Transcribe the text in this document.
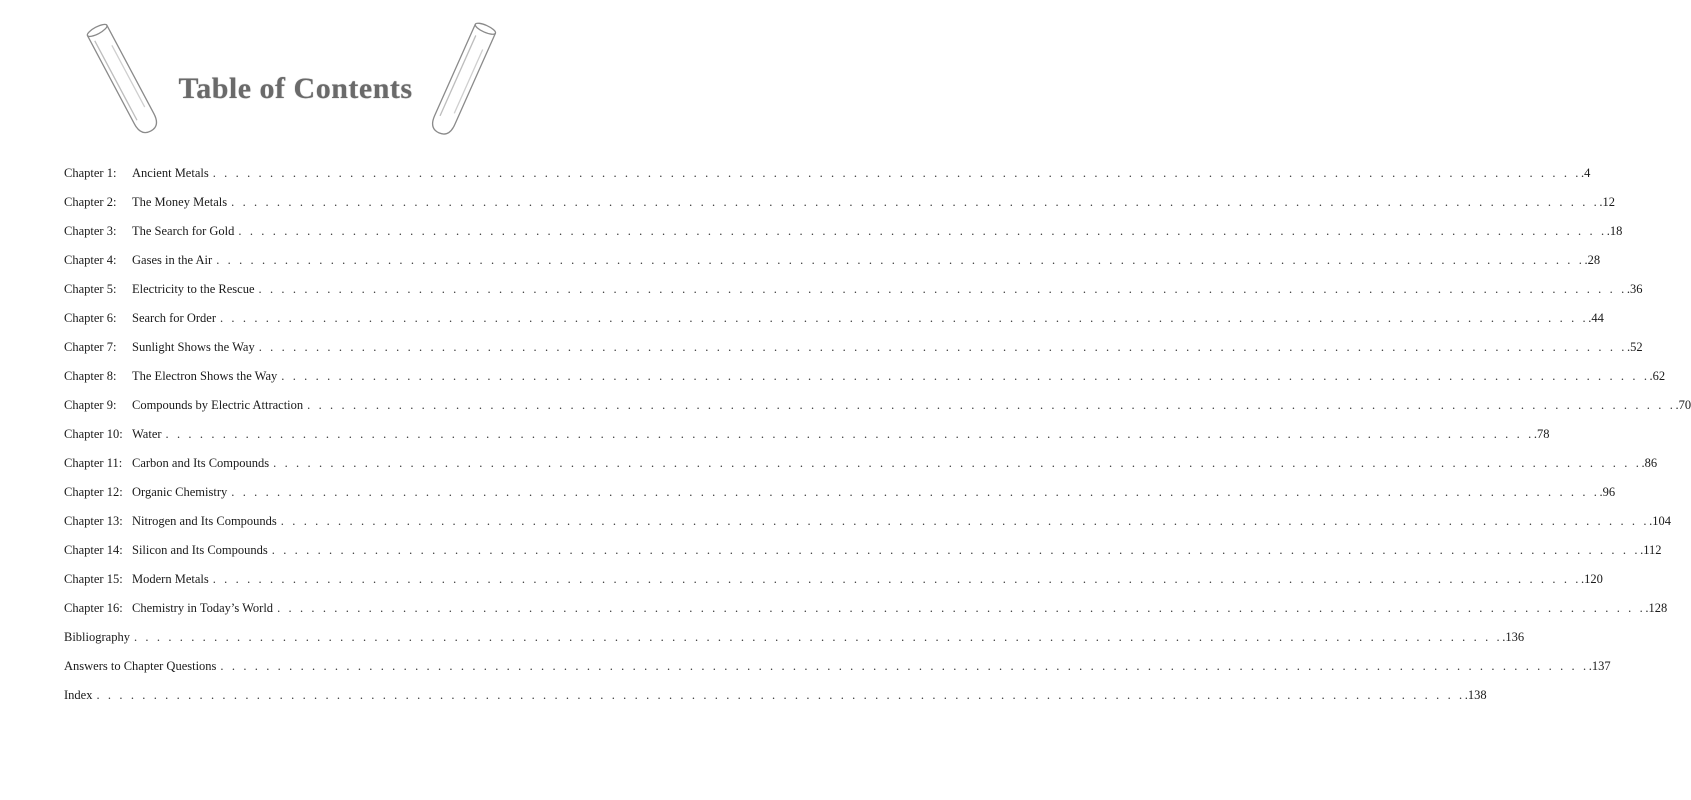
Table of Contents
Chapter 1:	Ancient Metals . . . . . . . . . . . . . . . . . . . . . . . . . . . . . . . . . . . . . . . . . . . . . . . . . . . . . . . . . . . . . . . . . . . . . . . . . . . . . . . . . . . . . . . . . . . . . . . . . . . . . . . . . . . . . . . . . . . . . . . . .4
Chapter 2:	The Money Metals . . . . . . . . . . . . . . . . . . . . . . . . . . . . . . . . . . . . . . . . . . . . . . . . . . . . . . . . . . . . . . . . . . . . . . . . . . . . . . . . . . . . . . . . . . . . . . . . . . . . . . . . . . . . . . . . . . . . . . . . .12
Chapter 3:	The Search for Gold . . . . . . . . . . . . . . . . . . . . . . . . . . . . . . . . . . . . . . . . . . . . . . . . . . . . . . . . . . . . . . . . . . . . . . . . . . . . . . . . . . . . . . . . . . . . . . . . . . . . . . . . . . . . . . . . . . . . . . . . .18
Chapter 4:	Gases in the Air . . . . . . . . . . . . . . . . . . . . . . . . . . . . . . . . . . . . . . . . . . . . . . . . . . . . . . . . . . . . . . . . . . . . . . . . . . . . . . . . . . . . . . . . . . . . . . . . . . . . . . . . . . . . . . . . . . . . . . . . .28
Chapter 5:	Electricity to the Rescue . . . . . . . . . . . . . . . . . . . . . . . . . . . . . . . . . . . . . . . . . . . . . . . . . . . . . . . . . . . . . . . . . . . . . . . . . . . . . . . . . . . . . . . . . . . . . . . . . . . . . . . . . . . . . . . . . . . . . . . . .36
Chapter 6:	Search for Order . . . . . . . . . . . . . . . . . . . . . . . . . . . . . . . . . . . . . . . . . . . . . . . . . . . . . . . . . . . . . . . . . . . . . . . . . . . . . . . . . . . . . . . . . . . . . . . . . . . . . . . . . . . . . . . . . . . . . . . . .44
Chapter 7:	Sunlight Shows the Way . . . . . . . . . . . . . . . . . . . . . . . . . . . . . . . . . . . . . . . . . . . . . . . . . . . . . . . . . . . . . . . . . . . . . . . . . . . . . . . . . . . . . . . . . . . . . . . . . . . . . . . . . . . . . . . . . . . . . . . . .52
Chapter 8:	The Electron Shows the Way . . . . . . . . . . . . . . . . . . . . . . . . . . . . . . . . . . . . . . . . . . . . . . . . . . . . . . . . . . . . . . . . . . . . . . . . . . . . . . . . . . . . . . . . . . . . . . . . . . . . . . . . . . . . . . . . . . . . . . . . .62
Chapter 9:	Compounds by Electric Attraction . . . . . . . . . . . . . . . . . . . . . . . . . . . . . . . . . . . . . . . . . . . . . . . . . . . . . . . . . . . . . . . . . . . . . . . . . . . . . . . . . . . . . . . . . . . . . . . . . . . . . . . . . . . . . . . . . . . . . . . . .70
Chapter 10: Water . . . . . . . . . . . . . . . . . . . . . . . . . . . . . . . . . . . . . . . . . . . . . . . . . . . . . . . . . . . . . . . . . . . . . . . . . . . . . . . . . . . . . . . . . . . . . . . . . . . . . . . . . . . . . . . . . . . . . . . . .78
Chapter 11: Carbon and Its Compounds . . . . . . . . . . . . . . . . . . . . . . . . . . . . . . . . . . . . . . . . . . . . . . . . . . . . . . . . . . . . . . . . . . . . . . . . . . . . . . . . . . . . . . . . . . . . . . . . . . . . . . . . . . . . . . . . . . . . . . . . .86
Chapter 12: Organic Chemistry . . . . . . . . . . . . . . . . . . . . . . . . . . . . . . . . . . . . . . . . . . . . . . . . . . . . . . . . . . . . . . . . . . . . . . . . . . . . . . . . . . . . . . . . . . . . . . . . . . . . . . . . . . . . . . . . . . . . . . . . .96
Chapter 13: Nitrogen and Its Compounds . . . . . . . . . . . . . . . . . . . . . . . . . . . . . . . . . . . . . . . . . . . . . . . . . . . . . . . . . . . . . . . . . . . . . . . . . . . . . . . . . . . . . . . . . . . . . . . . . . . . . . . . . . . . . . . . . . . . . . . . .104
Chapter 14: Silicon and Its Compounds . . . . . . . . . . . . . . . . . . . . . . . . . . . . . . . . . . . . . . . . . . . . . . . . . . . . . . . . . . . . . . . . . . . . . . . . . . . . . . . . . . . . . . . . . . . . . . . . . . . . . . . . . . . . . . . . . . . . . . . . .112
Chapter 15: Modern Metals . . . . . . . . . . . . . . . . . . . . . . . . . . . . . . . . . . . . . . . . . . . . . . . . . . . . . . . . . . . . . . . . . . . . . . . . . . . . . . . . . . . . . . . . . . . . . . . . . . . . . . . . . . . . . . . . . . . . . . . . .120
Chapter 16: Chemistry in Today’s World . . . . . . . . . . . . . . . . . . . . . . . . . . . . . . . . . . . . . . . . . . . . . . . . . . . . . . . . . . . . . . . . . . . . . . . . . . . . . . . . . . . . . . . . . . . . . . . . . . . . . . . . . . . . . . . . . . . . . . . . .128
Bibliography . . . . . . . . . . . . . . . . . . . . . . . . . . . . . . . . . . . . . . . . . . . . . . . . . . . . . . . . . . . . . . . . . . . . . . . . . . . . . . . . . . . . . . . . . . . . . . . . . . . . . . . . . . . . . . . . . . . . . . . . .136
Answers to Chapter Questions . . . . . . . . . . . . . . . . . . . . . . . . . . . . . . . . . . . . . . . . . . . . . . . . . . . . . . . . . . . . . . . . . . . . . . . . . . . . . . . . . . . . . . . . . . . . . . . . . . . . . . . . . . . . . . . . . . . . . . . . .137
Index . . . . . . . . . . . . . . . . . . . . . . . . . . . . . . . . . . . . . . . . . . . . . . . . . . . . . . . . . . . . . . . . . . . . . . . . . . . . . . . . . . . . . . . . . . . . . . . . . . . . . . . . . . . . . . . . . . . . . . . . .138
